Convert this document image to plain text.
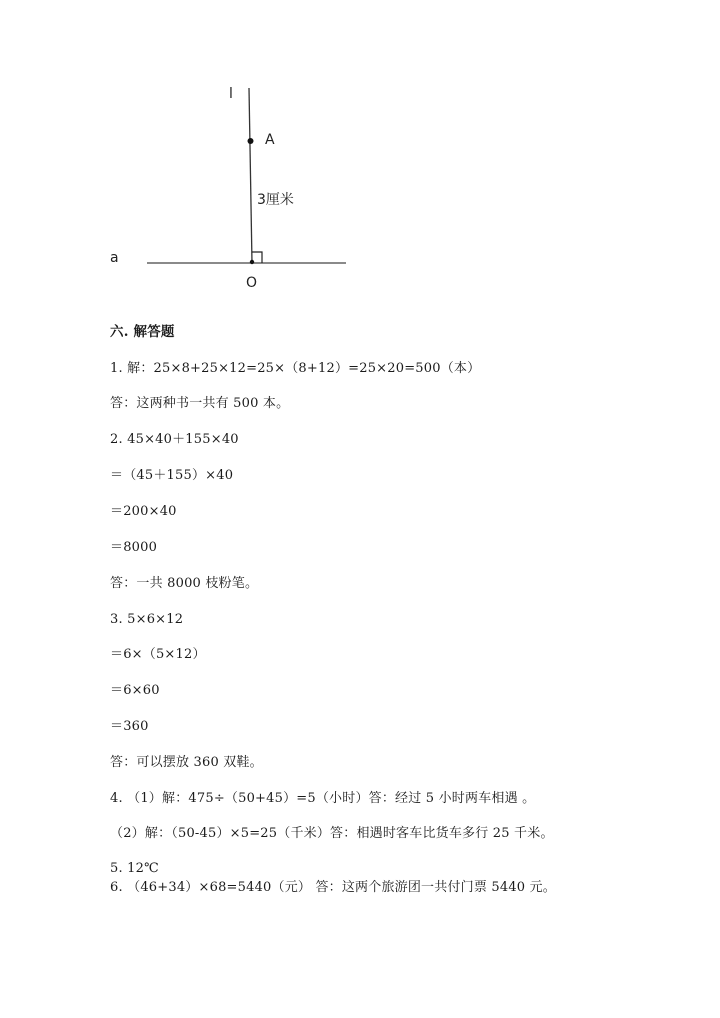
l
A
3厘米
a
O
六. 解答题
1. 解：25×8+25×12=25×（8+12）=25×20=500（本）
答：这两种书一共有 500 本。
2. 45×40＋155×40
＝（45＋155）×40
＝200×40
＝8000
答：一共 8000 枝粉笔。
3. 5×6×12
＝6×（5×12）
＝6×60
＝360
答：可以摆放 360 双鞋。
4. （1）解：475÷（50+45）=5（小时）答：经过 5 小时两车相遇 。
（2）解：（50-45）×5=25（千米）答：相遇时客车比货车多行 25 千米。
5. 12℃
6. （46+34）×68=5440（元） 答：这两个旅游团一共付门票 5440 元。
